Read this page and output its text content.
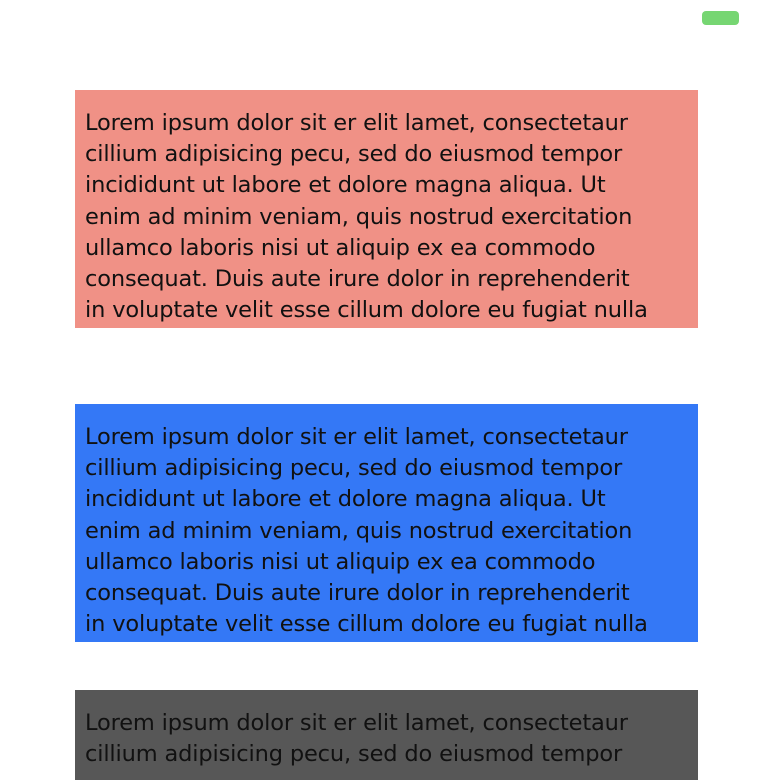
Lorem ipsum dolor sit er elit lamet, consectetaur
cillium adipisicing pecu, sed do eiusmod tempor
incididunt ut labore et dolore magna aliqua. Ut
enim ad minim veniam, quis nostrud exercitation
ullamco laboris nisi ut aliquip ex ea commodo
consequat. Duis aute irure dolor in reprehenderit
in voluptate velit esse cillum dolore eu fugiat nulla
Lorem ipsum dolor sit er elit lamet, consectetaur
cillium adipisicing pecu, sed do eiusmod tempor
incididunt ut labore et dolore magna aliqua. Ut
enim ad minim veniam, quis nostrud exercitation
ullamco laboris nisi ut aliquip ex ea commodo
consequat. Duis aute irure dolor in reprehenderit
in voluptate velit esse cillum dolore eu fugiat nulla
Lorem ipsum dolor sit er elit lamet, consectetaur
cillium adipisicing pecu, sed do eiusmod tempor
